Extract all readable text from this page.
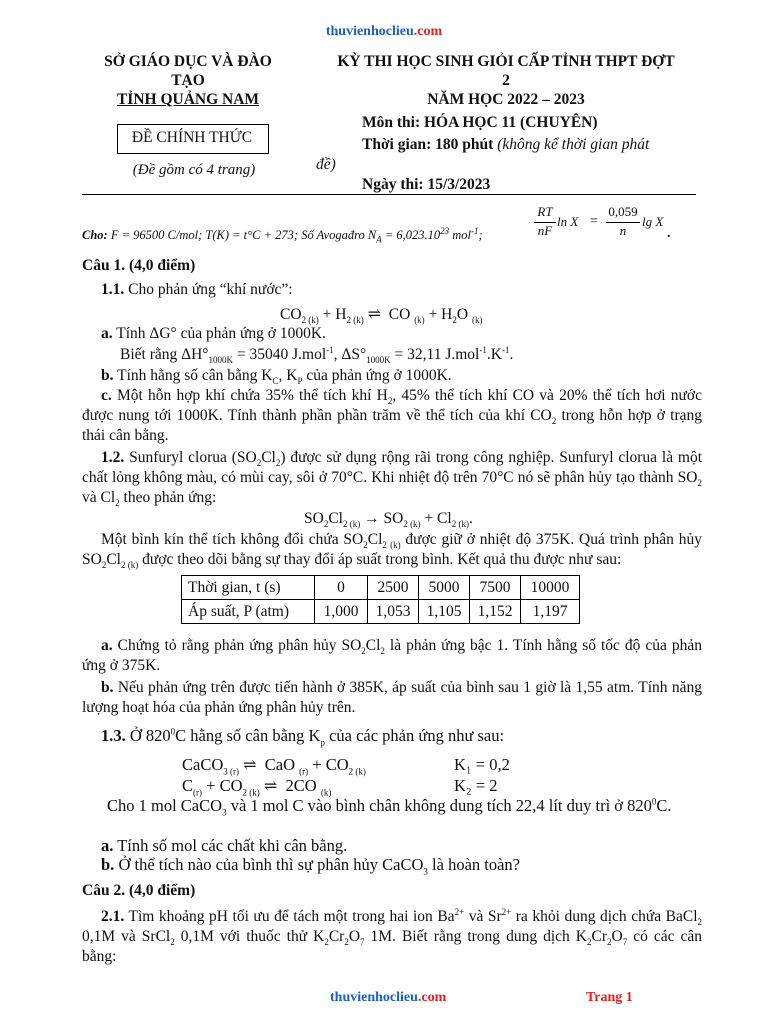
thuvienhoclieu.com
SỞ GIÁO DỤC VÀ ĐÀO
TẠO
TỈNH QUẢNG NAM
ĐỀ CHÍNH THỨC
(Đề gồm có 4 trang)
KỲ THI HỌC SINH GIỎI CẤP TỈNH THPT ĐỢT
2
NĂM HỌC 2022 – 2023
Môn thi: HÓA HỌC 11 (CHUYÊN)
Thời gian: 180 phút (không kể thời gian phát
đề)
Ngày thi: 15/3/2023
Cho: F = 96500 C/mol; T(K) = t°C + 273; Số Avogađro $N_A = 6,023.10^{23}$ mol$^{-1}$;
RT
nF
ln X =
0,059
n
lg X
.
Câu 1. (4,0 điểm)
1.1. Cho phản ứng “khí nước”:
$CO_{2 (k)} + H_{2 (k)}$ ⇌  CO $_{(k)} + H_2O$ $_{(k)}$
a. Tính ΔG° của phản ứng ở 1000K.
Biết rằng $\Delta H^\circ_{1000K} = 35040$ J.mol$^{-1}$, $\Delta S^\circ_{1000K} = 32,11$ $J.mol^{-1}.K^{-1}$.
b. Tính hằng số cân bằng $K_C$, $K_P$ của phản ứng ở 1000K.
c. Một hỗn hợp khí chứa 35% thể tích khí $H_2$, 45% thể tích khí CO và 20% thể tích hơi nước được nung tới 1000K. Tính thành phần phần trăm về thể tích của khí $CO_2$ trong hỗn hợp ở trạng thái cân bằng.
1.2. Sunfuryl clorua $(SO_2Cl_2)$ được sử dụng rộng rãi trong công nghiệp. Sunfuryl clorua là một chất lỏng không màu, có mùi cay, sôi ở 70°C. Khi nhiệt độ trên 70°C nó sẽ phân hủy tạo thành $SO_2$ và $Cl_2$ theo phản ứng:
$SO_2Cl_{2 (k)} \to SO_{2 (k)} + Cl_{2 (k)}$.
Một bình kín thể tích không đổi chứa $SO_2Cl_{2 (k)}$ được giữ ở nhiệt độ 375K. Quá trình phân hủy $SO_2Cl_{2 (k)}$ được theo dõi bằng sự thay đổi áp suất trong bình. Kết quả thu được như sau:
Thời gian, t (s)	0	2500	5000	7500	10000
Áp suất, P (atm)	1,000	1,053	1,105	1,152	1,197
a. Chứng tỏ rằng phản ứng phân hủy $SO_2Cl_2$ là phản ứng bậc 1. Tính hằng số tốc độ của phản ứng ở 375K.
b. Nếu phản ứng trên được tiến hành ở 385K, áp suất của bình sau 1 giờ là 1,55 atm. Tính năng lượng hoạt hóa của phản ứng phân hủy trên.
1.3. Ở $820^0C$ hằng số cân bằng $K_p$ của các phản ứng như sau:
CaCO$_{3 (r)}$ ⇌  CaO $_{(r)} + CO_{2 (k)}$	K₁ = 0,2
$C_{(r)} + CO_{2 (k)}$ ⇌  2CO $_{(k)}$	K₂ = 2
Cho 1 mol CaCO$_3$ và 1 mol C vào bình chân không dung tích 22,4 lít duy trì ở $820^0C$.
a. Tính số mol các chất khi cân bằng.
b. Ở thể tích nào của bình thì sự phân hủy CaCO$_3$ là hoàn toàn?
Câu 2. (4,0 điểm)
2.1. Tìm khoảng pH tối ưu để tách một trong hai ion $Ba^{2+}$ và $Sr^{2+}$ ra khỏi dung dịch chứa BaCl$_2$ 0,1M và SrCl$_2$ 0,1M với thuốc thử $K_2Cr_2O_7$ 1M. Biết rằng trong dung dịch $K_2Cr_2O_7$ có các cân bằng:
thuvienhoclieu.com	Trang 1
